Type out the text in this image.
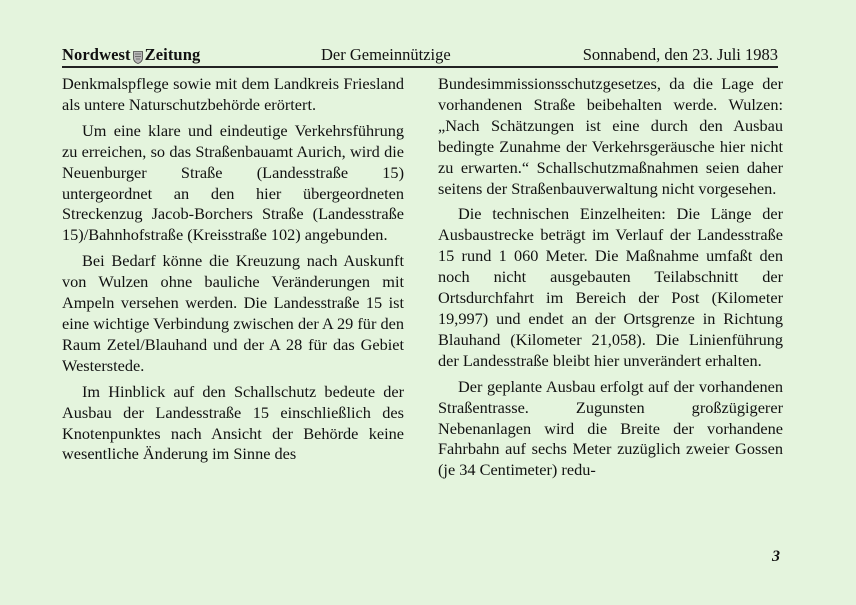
Nordwest Zeitung	Der Gemeinnützige	Sonnabend, den 23. Juli 1983

Denkmalspflege sowie mit dem Landkreis Friesland als untere Naturschutzbehörde erörtert.

Um eine klare und eindeutige Verkehrsführung zu erreichen, so das Straßenbauamt Aurich, wird die Neuenburger Straße (Landesstraße 15) untergeordnet an den hier übergeordneten Streckenzug Jacob-Borchers Straße (Landesstraße 15)/Bahnhofstraße (Kreisstraße 102) angebunden.

Bei Bedarf könne die Kreuzung nach Auskunft von Wulzen ohne bauliche Veränderungen mit Ampeln versehen werden. Die Landesstraße 15 ist eine wichtige Verbindung zwischen der A 29 für den Raum Zetel/Blauhand und der A 28 für das Gebiet Westerstede.

Im Hinblick auf den Schallschutz bedeute der Ausbau der Landesstraße 15 einschließlich des Knotenpunktes nach Ansicht der Behörde keine wesentliche Änderung im Sinne des

Bundesimmissionsschutzgesetzes, da die Lage der vorhandenen Straße beibehalten werde. Wulzen: „Nach Schätzungen ist eine durch den Ausbau bedingte Zunahme der Verkehrsgeräusche hier nicht zu erwarten.“ Schallschutzmaßnahmen seien daher seitens der Straßenbauverwaltung nicht vorgesehen.

Die technischen Einzelheiten: Die Länge der Ausbaustrecke beträgt im Verlauf der Landesstraße 15 rund 1 060 Meter. Die Maßnahme umfaßt den noch nicht ausgebauten Teilabschnitt der Ortsdurchfahrt im Bereich der Post (Kilometer 19,997) und endet an der Ortsgrenze in Richtung Blauhand (Kilometer 21,058). Die Linienführung der Landesstraße bleibt hier unverändert erhalten.

Der geplante Ausbau erfolgt auf der vorhandenen Straßentrasse. Zugunsten großzügigerer Nebenanlagen wird die Breite der vorhandene Fahrbahn auf sechs Meter zuzüglich zweier Gossen (je 34 Centimeter) redu-

3
